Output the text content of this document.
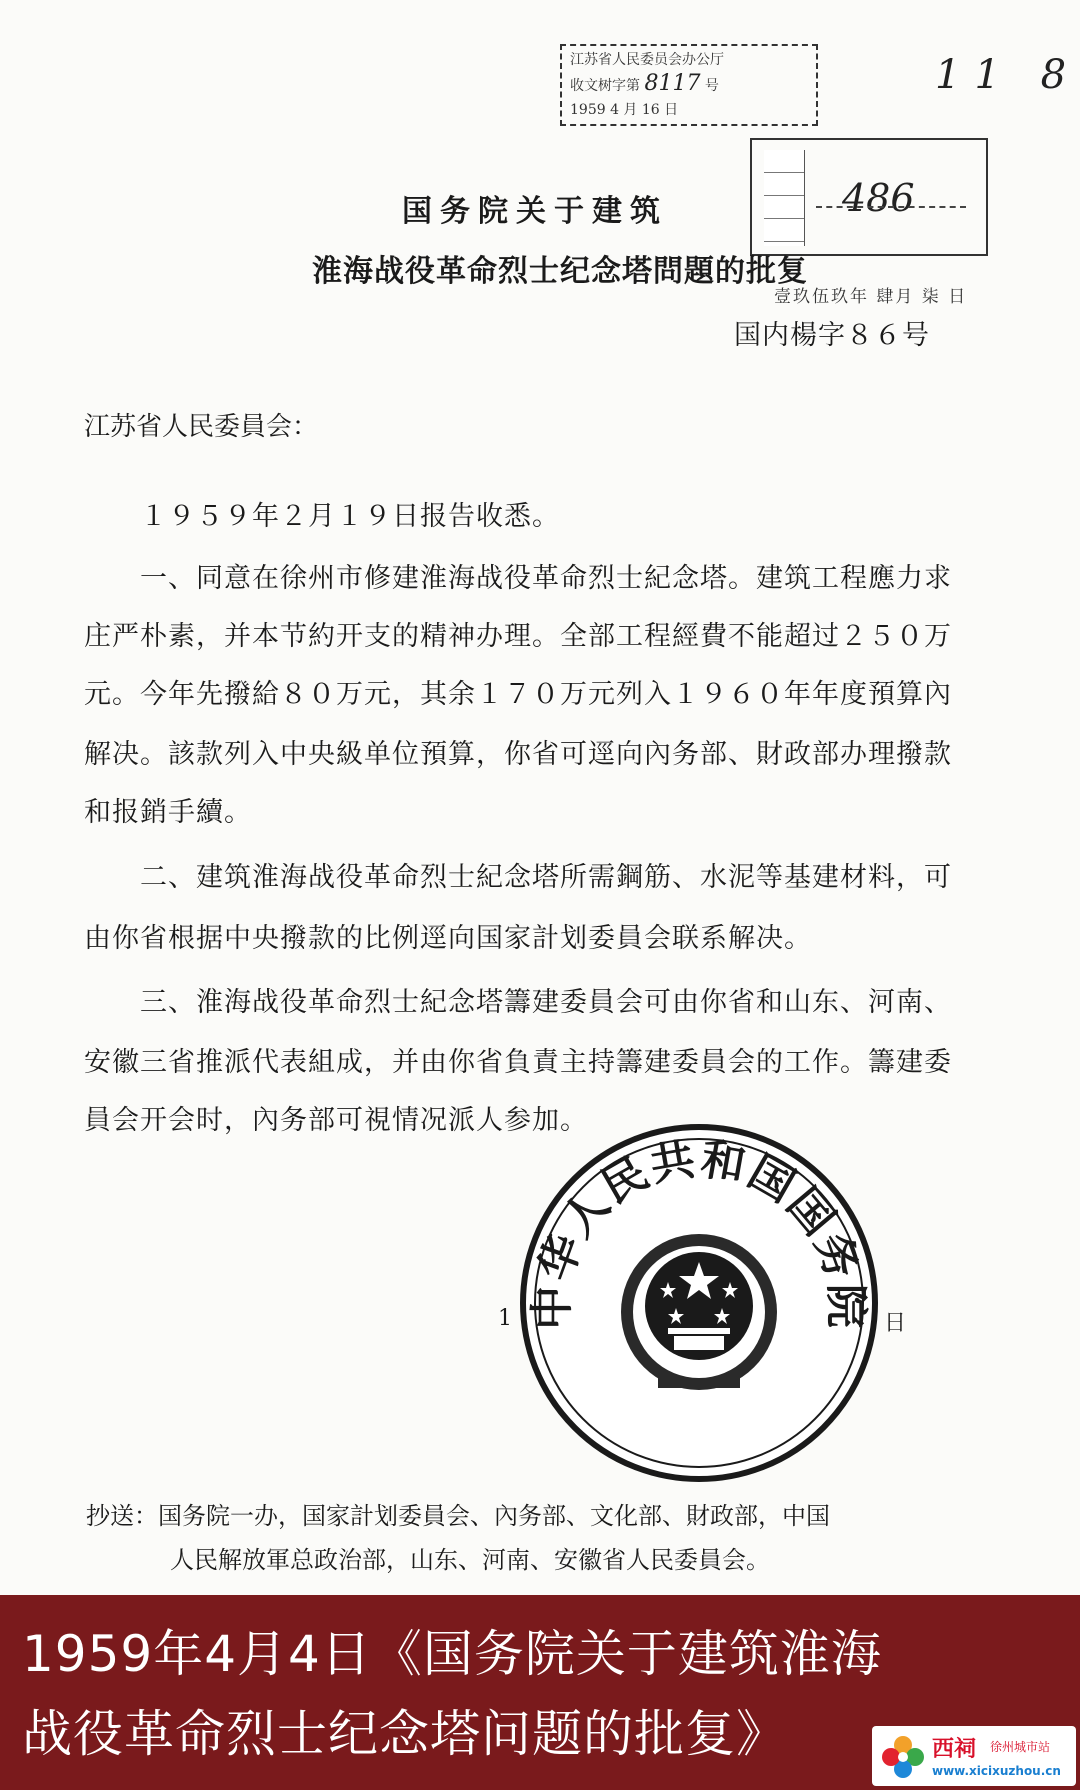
江苏省人民委员会办公厅
收文树字第 8117 号
1959 4 月 16 日
11 8
486
国务院关于建筑
淮海战役革命烈士纪念塔問題的批复
壹玖伍玖年 肆月 柒 日
国内楊字８６号
江苏省人民委員会：
１９５９年２月１９日报告收悉。
一、同意在徐州市修建淮海战役革命烈士紀念塔。建筑工程應力求
庄严朴素，并本节約开支的精神办理。全部工程經費不能超过２５０万
元。今年先撥給８０万元，其余１７０万元列入１９６０年年度預算內
解决。該款列入中央級单位預算，你省可逕向內务部、財政部办理撥款
和报銷手續。
二、建筑淮海战役革命烈士紀念塔所需鋼筋、水泥等基建材料，可
由你省根据中央撥款的比例逕向国家計划委員会联系解决。
三、淮海战役革命烈士紀念塔籌建委員会可由你省和山东、河南、
安徽三省推派代表組成，并由你省負責主持籌建委員会的工作。籌建委
員会开会时，內务部可視情况派人参加。
1	日
中华人民共和国国务院
抄送：国务院一办，国家計划委員会、內务部、文化部、財政部，中国
人民解放軍总政治部，山东、河南、安徽省人民委員会。
1959年4月4日《国务院关于建筑淮海
战役革命烈士纪念塔问题的批复》	西祠 徐州城市站
www.xicixuzhou.cn
